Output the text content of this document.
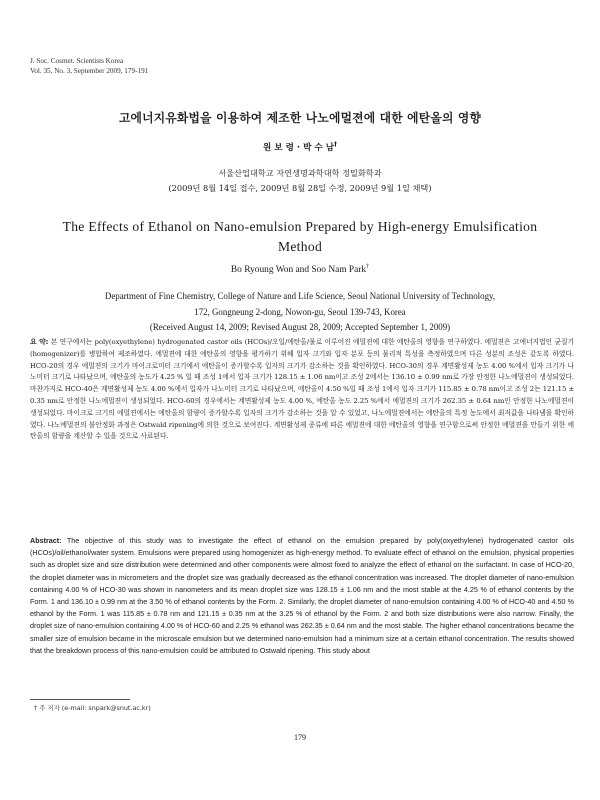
J. Soc. Cosmet. Scientists Korea
Vol. 35, No. 3, September 2009, 179-191
고에너지유화법을 이용하여 제조한 나노에멀젼에 대한 에탄올의 영향
원 보 령 · 박 수 남†
서울산업대학교 자연생명과학대학 정밀화학과
(2009년 8월 14일 접수, 2009년 8월 28일 수정, 2009년 9월 1일 채택)
The Effects of Ethanol on Nano-emulsion Prepared by High-energy Emulsification Method
Bo Ryoung Won and Soo Nam Park†
Department of Fine Chemistry, College of Nature and Life Science, Seoul National University of Technology,
172, Gongneung 2-dong, Nowon-gu, Seoul 139-743, Korea
(Received August 14, 2009; Revised August 28, 2009; Accepted September 1, 2009)
요 약: 본 연구에서는 poly(oxyethylene) hydrogenated castor oils (HCOs)/오일/에탄올/물로 이루어진 에멀젼에 대한 에탄올의 영향을 연구하였다. 에멀젼은 고에너지법인 균질기(homogenizer)를 병합하여 제조하였다. 에멀젼에 대한 에탄올의 영향을 평가하기 위해 입자 크기와 입자 분포 등의 물리적 특성을 측정하였으며 다른 성분의 조성은 같도록 하였다. HCO-20의 경우 에멀젼의 크기가 마이크로미터 크기에서 에탄올이 증가할수록 입자의 크기가 감소하는 것을 확인하였다. HCO-30의 경우 계면활성제 농도 4.00 %에서 입자 크기가 나노미터 크기로 나타났으며, 에탄올의 농도가 4.25 % 일 때 조성 1에서 입자 크기가 128.15 ± 1.06 nm이고 조성 2에서는 136.10 ± 0.99 nm로 가장 안정한 나노에멀젼이 생성되었다. 마찬가지로 HCO-40은 계면활성제 농도 4.00 %에서 입자가 나노미터 크기로 나타났으며, 에탄올이 4.50 %일 때 조성 1에서 입자 크기가 115.85 ± 0.78 nm이고 조성 2는 121.15 ± 0.35 nm로 안정한 나노에멀젼이 생성되었다. HCO-60의 경우에서는 계면활성제 농도 4.00 %, 에탄올 농도 2.25 %에서 에멀젼의 크기가 262.35 ± 0.64 nm인 안정한 나노에멀젼이 생성되었다. 마이크로 크기의 에멀젼에서는 에탄올의 함량이 증가할수록 입자의 크기가 감소하는 것을 알 수 있었고, 나노에멀젼에서는 에탄올의 특정 농도에서 최저값을 나타냄을 확인하였다. 나노에멀젼의 불안정화 과정은 Ostwald ripening에 의한 것으로 보여진다. 계면활성제 종류에 따른 에멀젼에 대한 에탄올의 영향을 연구함으로써 안정한 에멀젼을 만들기 위한 에탄올의 함량을 계산할 수 있을 것으로 사료된다.
Abstract: The objective of this study was to investigate the effect of ethanol on the emulsion prepared by poly(oxyethylene) hydrogenated castor oils (HCOs)/oil/ethanol/water system. Emulsions were prepared using homogenizer as high-energy method. To evaluate effect of ethanol on the emulsion, physical properties such as droplet size and size distribution were determined and other components were almost fixed to analyze the effect of ethanol on the surfactant. In case of HCO-20, the droplet diameter was in micrometers and the droplet size was gradually decreased as the ethanol concentration was increased. The droplet diameter of nano-emulsion containing 4.00 % of HCO-30 was shown in nanometers and its mean droplet size was 128.15 ± 1.06 nm and the most stable at the 4.25 % of ethanol contents by the Form. 1 and 136.10 ± 0.99 nm at the 3.50 % of ethanol contents by the Form. 2. Similarly, the droplet diameter of nano-emulsion containing 4.00 % of HCO-40 and 4.50 % ethanol by the Form. 1 was 115.85 ± 0.78 nm and 121.15 ± 0.35 nm at the 3.25 % of ethanol by the Form. 2 and both size distributions were also narrow. Finally, the droplet size of nano-emulsion containing 4.00 % of HCO-60 and 2.25 % ethanol was 262.35 ± 0.64 nm and the most stable. The higher ethanol concentrations became the smaller size of emulsion became in the microscale emulsion but we determined nano-emulsion had a minimum size at a certain ethanol concentration. The results showed that the breakdown process of this nano-emulsion could be attributed to Ostwald ripening. This study about
† 주 저자 (e-mail: snpark@snut.ac.kr)
179
